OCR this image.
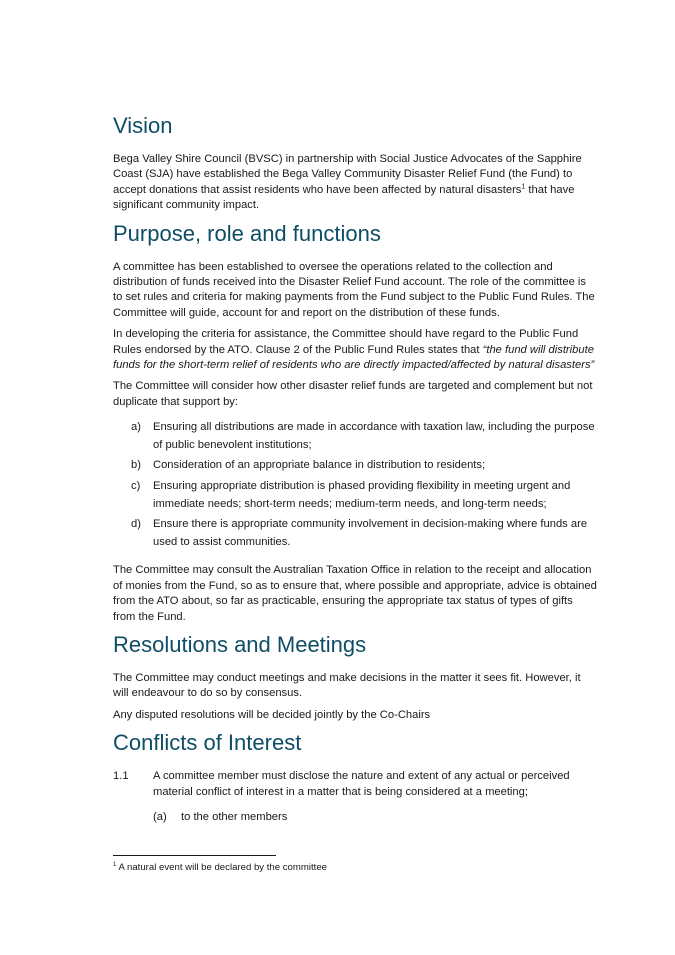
Vision

Bega Valley Shire Council (BVSC) in partnership with Social Justice Advocates of the Sapphire Coast (SJA) have established the Bega Valley Community Disaster Relief Fund (the Fund) to accept donations that assist residents who have been affected by natural disasters$^1$ that have significant community impact.

Purpose, role and functions

A committee has been established to oversee the operations related to the collection and distribution of funds received into the Disaster Relief Fund account. The role of the committee is to set rules and criteria for making payments from the Fund subject to the Public Fund Rules. The Committee will guide, account for and report on the distribution of these funds.

In developing the criteria for assistance, the Committee should have regard to the Public Fund Rules endorsed by the ATO. Clause 2 of the Public Fund Rules states that “the fund will distribute funds for the short-term relief of residents who are directly impacted/affected by natural disasters”

The Committee will consider how other disaster relief funds are targeted and complement but not duplicate that support by:

a) Ensuring all distributions are made in accordance with taxation law, including the purpose of public benevolent institutions;
b) Consideration of an appropriate balance in distribution to residents;
c) Ensuring appropriate distribution is phased providing flexibility in meeting urgent and immediate needs; short-term needs; medium-term needs, and long-term needs;
d) Ensure there is appropriate community involvement in decision-making where funds are used to assist communities.

The Committee may consult the Australian Taxation Office in relation to the receipt and allocation of monies from the Fund, so as to ensure that, where possible and appropriate, advice is obtained from the ATO about, so far as practicable, ensuring the appropriate tax status of types of gifts from the Fund.

Resolutions and Meetings

The Committee may conduct meetings and make decisions in the matter it sees fit. However, it will endeavour to do so by consensus.

Any disputed resolutions will be decided jointly by the Co-Chairs

Conflicts of Interest
1.1 A committee member must disclose the nature and extent of any actual or perceived material conflict of interest in a matter that is being considered at a meeting;

(a) to the other members

$^1$ A natural event will be declared by the committee
